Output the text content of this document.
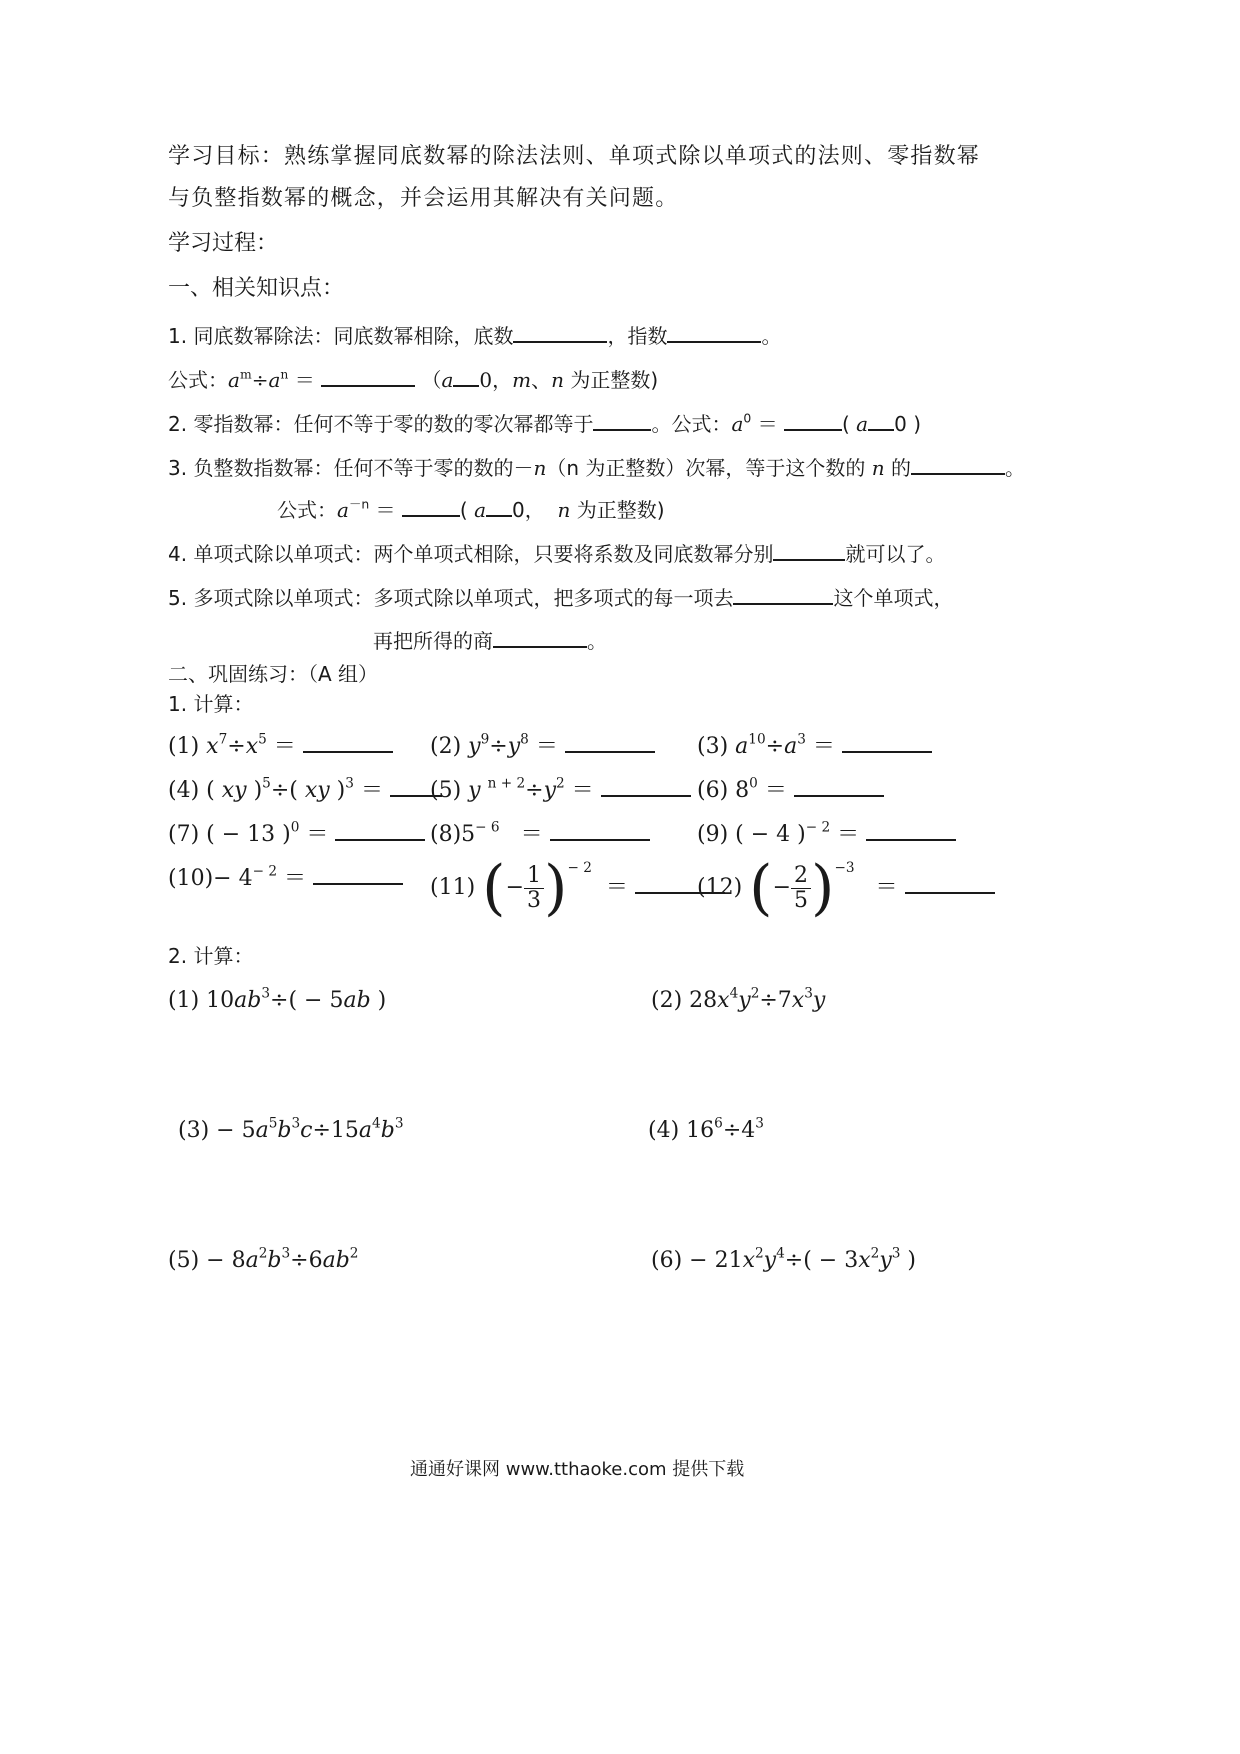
学习目标：熟练掌握同底数幂的除法法则、单项式除以单项式的法则、零指数幂
与负整指数幂的概念，并会运用其解决有关问题。
学习过程：
一、相关知识点：
1. 同底数幂除法：同底数幂相除，底数	，指数	。
公式：$a^m\div a^n$ ＝	（a 0，m、n 为正整数)
2. 零指数幂：任何不等于零的数的零次幂都等于	。公式：$a^0$ ＝	( a 0 )
3. 负整数指数幂：任何不等于零的数的－n（n 为正整数）次幂，等于这个数的 n 的	。
公式：$a^{-n}$ ＝	( a 0， n 为正整数)
4. 单项式除以单项式：两个单项式相除，只要将系数及同底数幂分别	就可以了。
5. 多项式除以单项式：多项式除以单项式，把多项式的每一项去	这个单项式，
再把所得的商	。
二、巩固练习：（A 组）
1. 计算：
(1) $x^7\div x^5$ ＝	(2) $y^9\div y^8$ ＝	(3) $a^{10}\div a^3$ ＝
(4) ( xy )$^5$÷( xy )$^3$ ＝	(5) y $^{n + 2}\div y^2$ ＝	(6) $8^0$ ＝
(7) ( − 13 )$^0$ ＝	$(8)5^{- 6}$ ＝	(9) ( − 4 )$^{- 2}$ ＝
$(10)- 4^{- 2}$ ＝	(11) (− $\frac{1}{3} )^{- 2}$  ＝	(12) (− $\frac{2}{5} )^{-3}$   ＝
2. 计算：
(1) $10ab^3\div( - 5ab$ )	(2) $28x^4y^2\div 7x^3y$
$(3) - 5a^5b^3c\div 15a^4b^3$	(4) $16^6\div 4^3$
$(5) - 8a^2b^3\div 6ab^2$	$(6) - 21x^2y^4\div( - 3x^2y^3$ )
通通好课网 www.tthaoke.com 提供下载
